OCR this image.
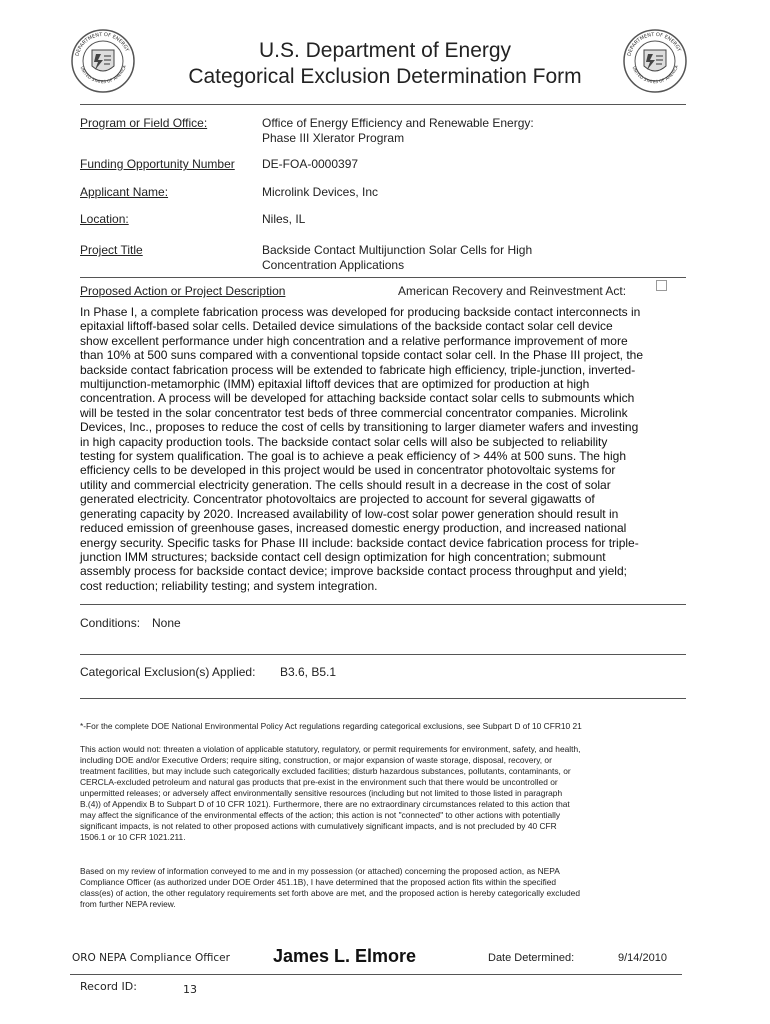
DEPARTMENT OF ENERGY
UNITED STATES OF AMERICA
DEPARTMENT OF ENERGY
UNITED STATES OF AMERICA
U.S. Department of Energy
Categorical Exclusion Determination Form
Program or Field Office:	Office of Energy Efficiency and Renewable Energy:
Phase III Xlerator Program
Funding Opportunity Number DE-FOA-0000397
Applicant Name:	Microlink Devices, Inc
Location:	Niles, IL
Project Title	Backside Contact Multijunction Solar Cells for High
Concentration Applications
Proposed Action or Project Description	American Recovery and Reinvestment Act:
In Phase I, a complete fabrication process was developed for producing backside contact interconnects in
epitaxial liftoff-based solar cells. Detailed device simulations of the backside contact solar cell device
show excellent performance under high concentration and a relative performance improvement of more
than 10% at 500 suns compared with a conventional topside contact solar cell. In the Phase III project, the
backside contact fabrication process will be extended to fabricate high efficiency, triple-junction, inverted-
multijunction-metamorphic (IMM) epitaxial liftoff devices that are optimized for production at high
concentration. A process will be developed for attaching backside contact solar cells to submounts which
will be tested in the solar concentrator test beds of three commercial concentrator companies. Microlink
Devices, Inc., proposes to reduce the cost of cells by transitioning to larger diameter wafers and investing
in high capacity production tools. The backside contact solar cells will also be subjected to reliability
testing for system qualification. The goal is to achieve a peak efficiency of > 44% at 500 suns. The high
efficiency cells to be developed in this project would be used in concentrator photovoltaic systems for
utility and commercial electricity generation. The cells should result in a decrease in the cost of solar
generated electricity. Concentrator photovoltaics are projected to account for several gigawatts of
generating capacity by 2020. Increased availability of low-cost solar power generation should result in
reduced emission of greenhouse gases, increased domestic energy production, and increased national
energy security. Specific tasks for Phase III include: backside contact device fabrication process for triple-
junction IMM structures; backside contact cell design optimization for high concentration; submount
assembly process for backside contact device; improve backside contact process throughput and yield;
cost reduction; reliability testing; and system integration.
Conditions: None
Categorical Exclusion(s) Applied: B3.6, B5.1
*-For the complete DOE National Environmental Policy Act regulations regarding categorical exclusions, see Subpart D of 10 CFR10 21
This action would not: threaten a violation of applicable statutory, regulatory, or permit requirements for environment, safety, and health,
including DOE and/or Executive Orders; require siting, construction, or major expansion of waste storage, disposal, recovery, or
treatment facilities, but may include such categorically excluded facilities; disturb hazardous substances, pollutants, contaminants, or
CERCLA-excluded petroleum and natural gas products that pre-exist in the environment such that there would be uncontrolled or
unpermitted releases; or adversely affect environmentally sensitive resources (including but not limited to those listed in paragraph
B.(4)) of Appendix B to Subpart D of 10 CFR 1021). Furthermore, there are no extraordinary circumstances related to this action that
may affect the significance of the environmental effects of the action; this action is not "connected" to other actions with potentially
significant impacts, is not related to other proposed actions with cumulatively significant impacts, and is not precluded by 40 CFR
1506.1 or 10 CFR 1021.211.
Based on my review of information conveyed to me and in my possession (or attached) concerning the proposed action, as NEPA
Compliance Officer (as authorized under DOE Order 451.1B), I have determined that the proposed action fits within the specified
class(es) of action, the other regulatory requirements set forth above are met, and the proposed action is hereby categorically excluded
from further NEPA review.
ORO NEPA Compliance Officer James L. Elmore	Date Determined:	9/14/2010
Record ID:	13
